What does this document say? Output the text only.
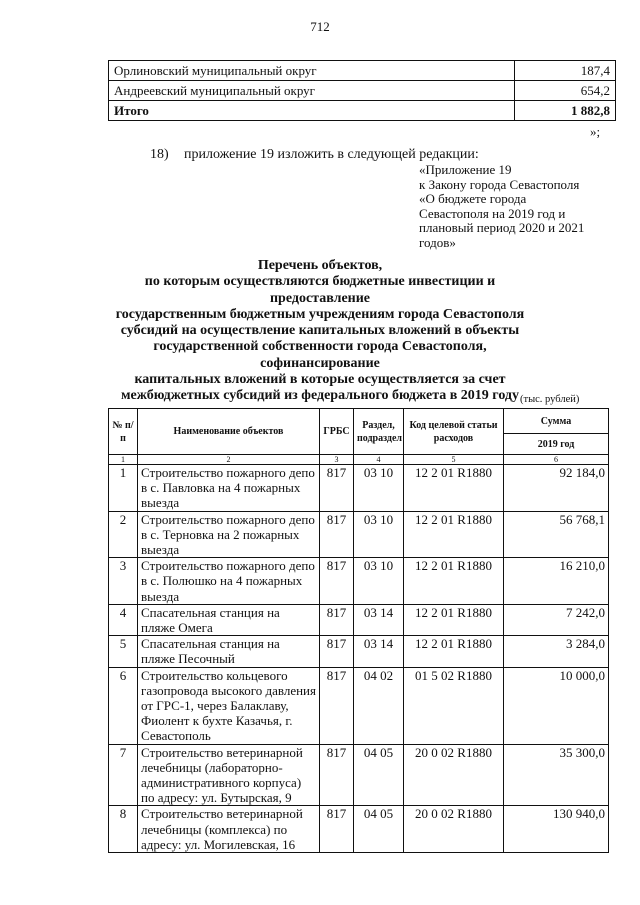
712
Орлиновский муниципальный округ	187,4
Андреевский муниципальный округ	654,2
Итого	1 882,8
»;
18) приложение 19 изложить в следующей редакции:
«Приложение 19
к Закону города Севастополя
«О бюджете города
Севастополя на 2019 год и
плановый период 2020 и 2021
годов»
Перечень объектов,
по которым осуществляются бюджетные инвестиции и предоставление
государственным бюджетным учреждениям города Севастополя
субсидий на осуществление капитальных вложений в объекты
государственной собственности города Севастополя, софинансирование
капитальных вложений в которые осуществляется за счет
межбюджетных субсидий из федерального бюджета в 2019 году (тыс. рублей)
№ п/п	Наименование объектов	ГРБС	Раздел, подраздел	Код целевой статьи расходов	Сумма
					2019 год
1	2	3	4	5	6
1	Строительство пожарного депо в с. Павловка на 4 пожарных выезда	817	03 10	12 2 01 R1880	92 184,0
2	Строительство пожарного депо в с. Терновка на 2 пожарных выезда	817	03 10	12 2 01 R1880	56 768,1
3	Строительство пожарного депо в с. Полюшко на 4 пожарных выезда	817	03 10	12 2 01 R1880	16 210,0
4	Спасательная станция на пляже Омега	817	03 14	12 2 01 R1880	7 242,0
5	Спасательная станция на пляже Песочный	817	03 14	12 2 01 R1880	3 284,0
6	Строительство кольцевого газопровода высокого давления от ГРС-1, через Балаклаву, Фиолент к бухте Казачья, г. Севастополь	817	04 02	01 5 02 R1880	10 000,0
7	Строительство ветеринарной лечебницы (лабораторно-административного корпуса) по адресу: ул. Бутырская, 9	817	04 05	20 0 02 R1880	35 300,0
8	Строительство ветеринарной лечебницы (комплекса) по адресу: ул. Могилевская, 16	817	04 05	20 0 02 R1880	130 940,0
